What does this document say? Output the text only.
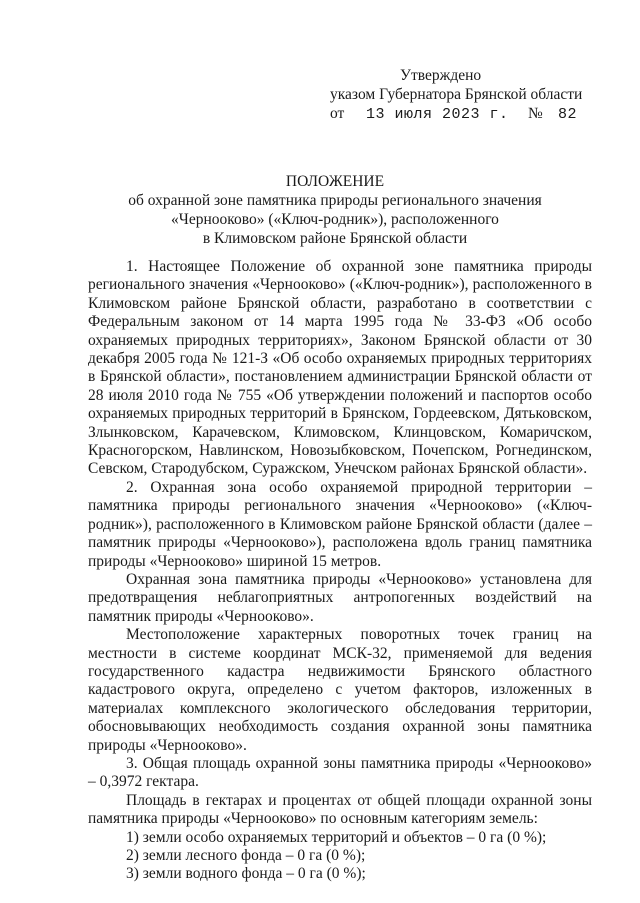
Утверждено
указом Губернатора Брянской области
от	13 июля 2023 г.	№	82
ПОЛОЖЕНИЕ
об охранной зоне памятника природы регионального значения
«Чернооково» («Ключ-родник»), расположенного
в Климовском районе Брянской области

1. Настоящее Положение об охранной зоне памятника природы регионального значения «Чернооково» («Ключ-родник»), расположенного в Климовском районе Брянской области, разработано в соответствии с Федеральным законом от 14 марта 1995 года № 33-ФЗ «Об особо охраняемых природных территориях», Законом Брянской области от 30 декабря 2005 года № 121-З «Об особо охраняемых природных территориях в Брянской области», постановлением администрации Брянской области от 28 июля 2010 года № 755 «Об утверждении положений и паспортов особо охраняемых природных территорий в Брянском, Гордеевском, Дятьковском, Злынковском, Карачевском, Климовском, Клинцовском, Комаричском, Красногорском, Навлинском, Новозыбковском, Почепском, Рогнединском, Севском, Стародубском, Суражском, Унечском районах Брянской области».

2. Охранная зона особо охраняемой природной территории – памятника природы регионального значения «Чернооково» («Ключ-родник»), расположенного в Климовском районе Брянской области (далее – памятник природы «Чернооково»), расположена вдоль границ памятника природы «Чернооково» шириной 15 метров.

Охранная зона памятника природы «Чернооково» установлена для предотвращения неблагоприятных антропогенных воздействий на памятник природы «Чернооково».

Местоположение характерных поворотных точек границ на местности в системе координат МСК-32, применяемой для ведения государственного кадастра недвижимости Брянского областного кадастрового округа, определено с учетом факторов, изложенных в материалах комплексного экологического обследования территории, обосновывающих необходимость создания охранной зоны памятника природы «Чернооково».

3. Общая площадь охранной зоны памятника природы «Чернооково» – 0,3972 гектара.

Площадь в гектарах и процентах от общей площади охранной зоны памятника природы «Чернооково» по основным категориям земель:

1) земли особо охраняемых территорий и объектов – 0 га (0 %);
2) земли лесного фонда – 0 га (0 %);
3) земли водного фонда – 0 га (0 %);
